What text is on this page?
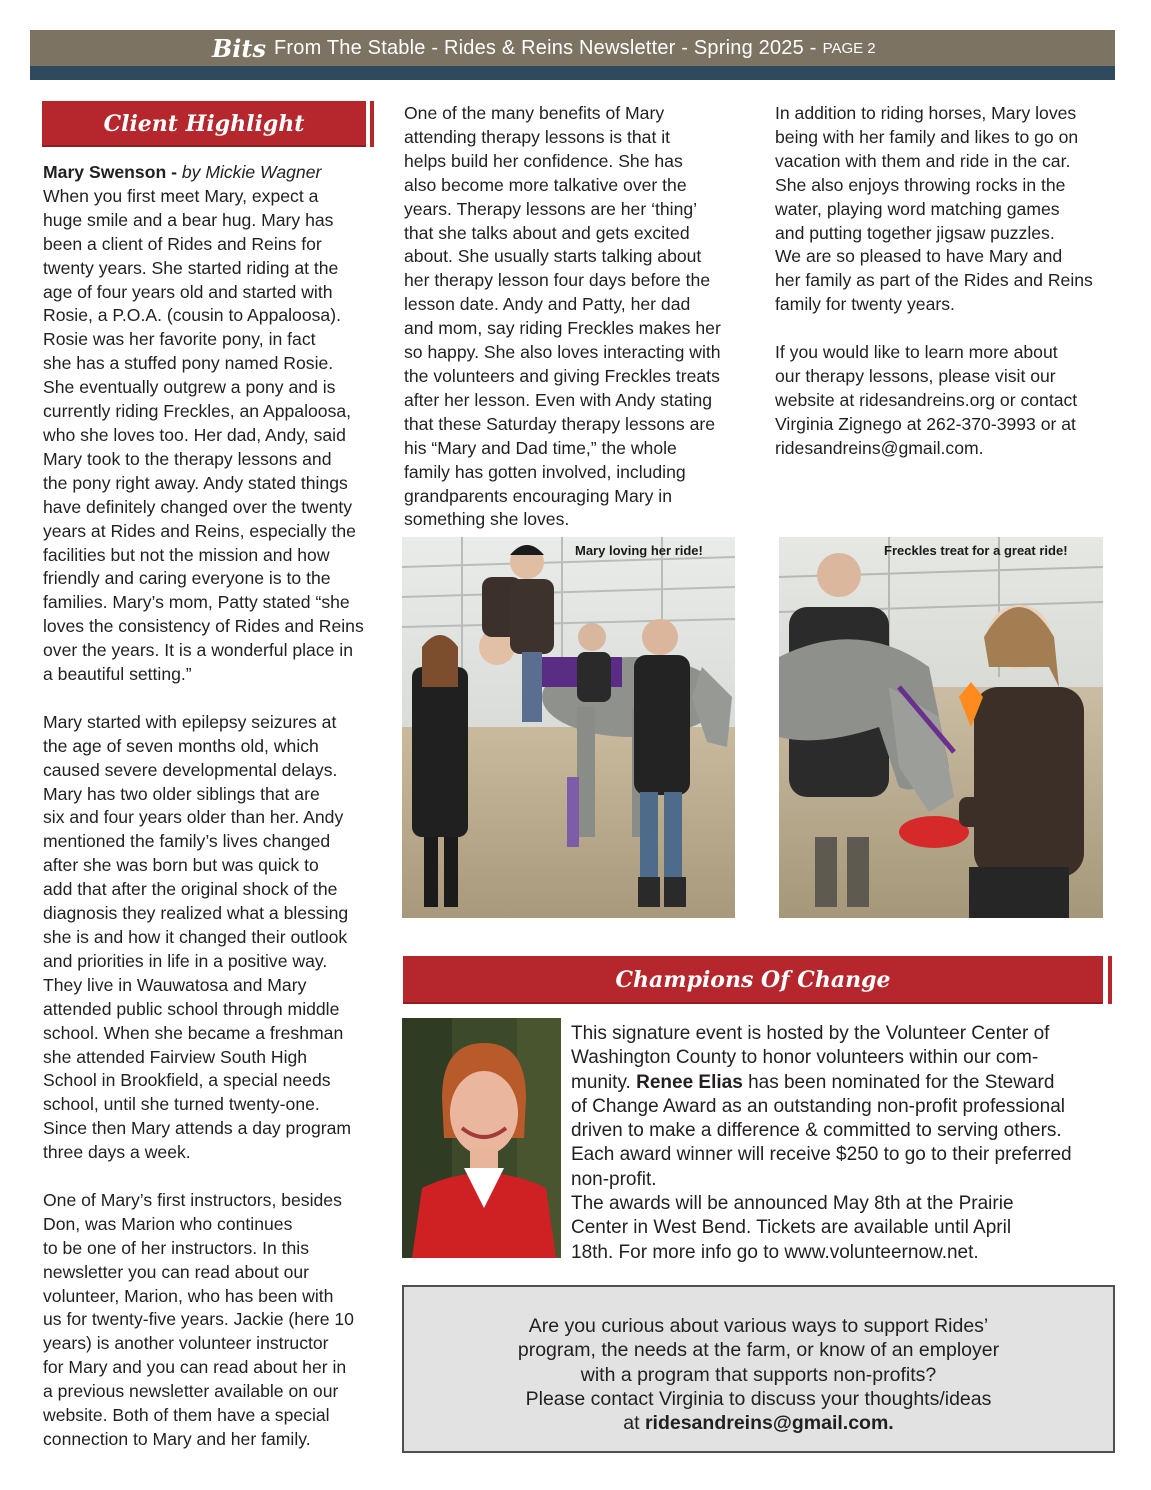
Bits From The Stable - Rides & Reins Newsletter - Spring 2025 - PAGE 2
Client Highlight

Mary Swenson - by Mickie Wagner

When you first meet Mary, expect a

huge smile and a bear hug. Mary has

been a client of Rides and Reins for

twenty years. She started riding at the

age of four years old and started with

Rosie, a P.O.A. (cousin to Appaloosa).

Rosie was her favorite pony, in fact

she has a stuffed pony named Rosie.

She eventually outgrew a pony and is

currently riding Freckles, an Appaloosa,

who she loves too. Her dad, Andy, said

Mary took to the therapy lessons and

the pony right away. Andy stated things

have definitely changed over the twenty

years at Rides and Reins, especially the

facilities but not the mission and how

friendly and caring everyone is to the

families. Mary’s mom, Patty stated “she

loves the consistency of Rides and Reins

over the years. It is a wonderful place in

a beautiful setting.”

Mary started with epilepsy seizures at

the age of seven months old, which

caused severe developmental delays.

Mary has two older siblings that are

six and four years older than her. Andy

mentioned the family’s lives changed

after she was born but was quick to

add that after the original shock of the

diagnosis they realized what a blessing

she is and how it changed their outlook

and priorities in life in a positive way.

They live in Wauwatosa and Mary

attended public school through middle

school. When she became a freshman

she attended Fairview South High

School in Brookfield, a special needs

school, until she turned twenty-one.

Since then Mary attends a day program

three days a week.

One of Mary’s first instructors, besides

Don, was Marion who continues

to be one of her instructors. In this

newsletter you can read about our

volunteer, Marion, who has been with

us for twenty-five years. Jackie (here 10

years) is another volunteer instructor

for Mary and you can read about her in

a previous newsletter available on our

website. Both of them have a special

connection to Mary and her family.

One of the many benefits of Mary

attending therapy lessons is that it

helps build her confidence. She has

also become more talkative over the

years. Therapy lessons are her ‘thing’

that she talks about and gets excited

about. She usually starts talking about

her therapy lesson four days before the

lesson date. Andy and Patty, her dad

and mom, say riding Freckles makes her

so happy. She also loves interacting with

the volunteers and giving Freckles treats

after her lesson. Even with Andy stating

that these Saturday therapy lessons are

his “Mary and Dad time,” the whole

family has gotten involved, including

grandparents encouraging Mary in

something she loves.

In addition to riding horses, Mary loves

being with her family and likes to go on

vacation with them and ride in the car.

She also enjoys throwing rocks in the

water, playing word matching games

and putting together jigsaw puzzles.

We are so pleased to have Mary and

her family as part of the Rides and Reins

family for twenty years.

If you would like to learn more about

our therapy lessons, please visit our

website at ridesandreins.org or contact

Virginia Zignego at 262-370-3993 or at

ridesandreins@gmail.com.

Mary loving her ride!	Freckles treat for a great ride!
Champions Of Change

This signature event is hosted by the Volunteer Center of

Washington County to honor volunteers within our com-

munity. Renee Elias has been nominated for the Steward

of Change Award as an outstanding non-profit professional

driven to make a difference & committed to serving others.

Each award winner will receive $250 to go to their preferred

non-profit.

The awards will be announced May 8th at the Prairie

Center in West Bend. Tickets are available until April

18th. For more info go to www.volunteernow.net.

Are you curious about various ways to support Rides’

program, the needs at the farm, or know of an employer

with a program that supports non-profits?

Please contact Virginia to discuss your thoughts/ideas

at ridesandreins@gmail.com.
